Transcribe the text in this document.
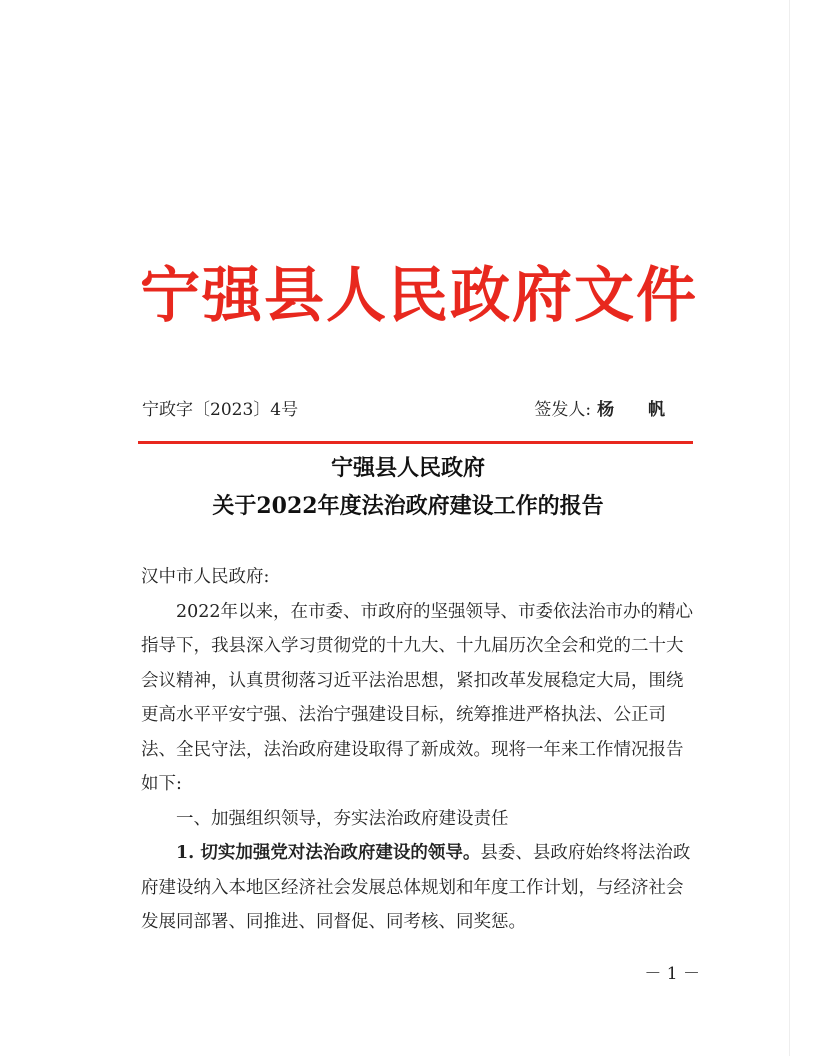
宁强县人民政府文件
宁政字〔2023〕4号	签发人: 杨 帆
宁强县人民政府
关于2022年度法治政府建设工作的报告

汉中市人民政府:

2022年以来，在市委、市政府的坚强领导、市委依法治市办的精心指导下，我县深入学习贯彻党的十九大、十九届历次全会和党的二十大会议精神，认真贯彻落习近平法治思想，紧扣改革发展稳定大局，围绕更高水平平安宁强、法治宁强建设目标，统筹推进严格执法、公正司法、全民守法，法治政府建设取得了新成效。现将一年来工作情况报告如下:

一、加强组织领导，夯实法治政府建设责任

1. 切实加强党对法治政府建设的领导。县委、县政府始终将法治政府建设纳入本地区经济社会发展总体规划和年度工作计划，与经济社会发展同部署、同推进、同督促、同考核、同奖惩。

－ 1 －
